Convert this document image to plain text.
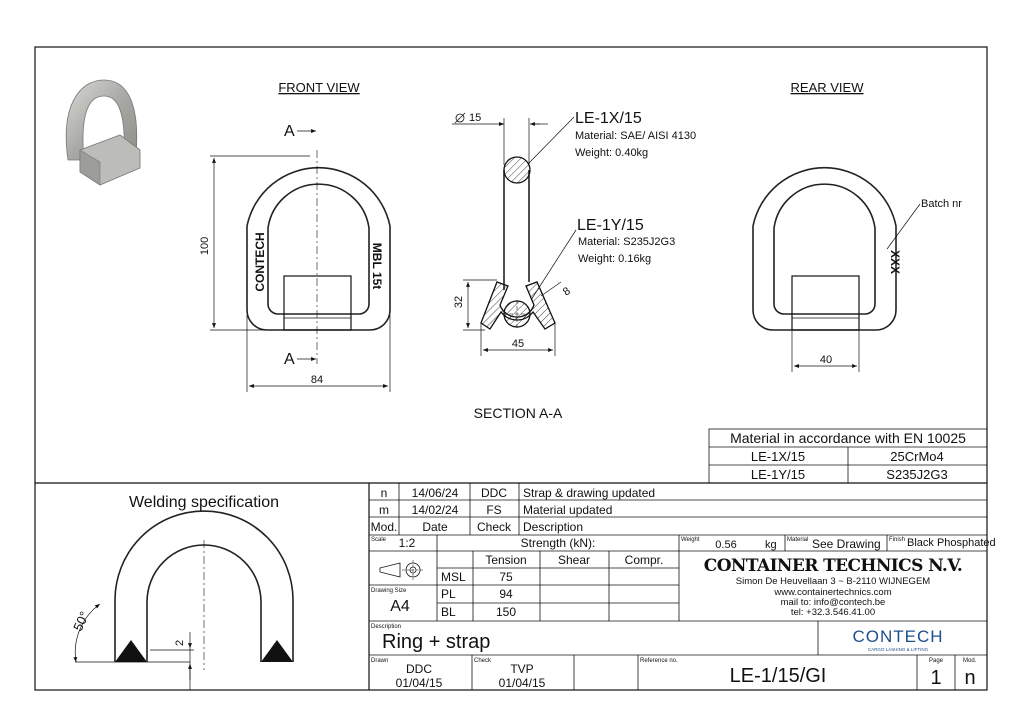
FRONT VIEW	REAR VIEW
SECTION A-A
CONTECH	MBL 15t
A
A
100
84
15	LE-1X/15
Material: SAE/ AISI 4130
Weight: 0.40kg
LE-1Y/15
Material: S235J2G3
Weight: 0.16kg
32
45
8
XXX
Batch nr
40
Material in accordance with EN 10025
LE-1X/15	25CrMo4
LE-1Y/15	S235J2G3
Welding specification
50°
2
n 14/06/24 DDC Strap & drawing updated
m 14/02/24 FS Material updated
Mod. Date Check Description
Scale 1:2	Strength (kN):	Weight 0.56	kg Material See Drawing Finish Black Phosphated
Tension	Shear	Compr.
MSL	75
PL	94
BL	150
Drawing Size
A4
CONTAINER TECHNICS N.V.
Simon De Heuvellaan 3 ~ B-2110 WIJNEGEM
www.containertechnics.com
mail to: info@contech.be
tel: +32.3.546.41.00
Description
Ring + strap	CONTECH
CARGO LASHING & LIFTING
Drawn
DDC
01/04/15
Check
TVP
01/04/15
Reference no.
LE-1/15/GI
Page
1
Mod.
n
